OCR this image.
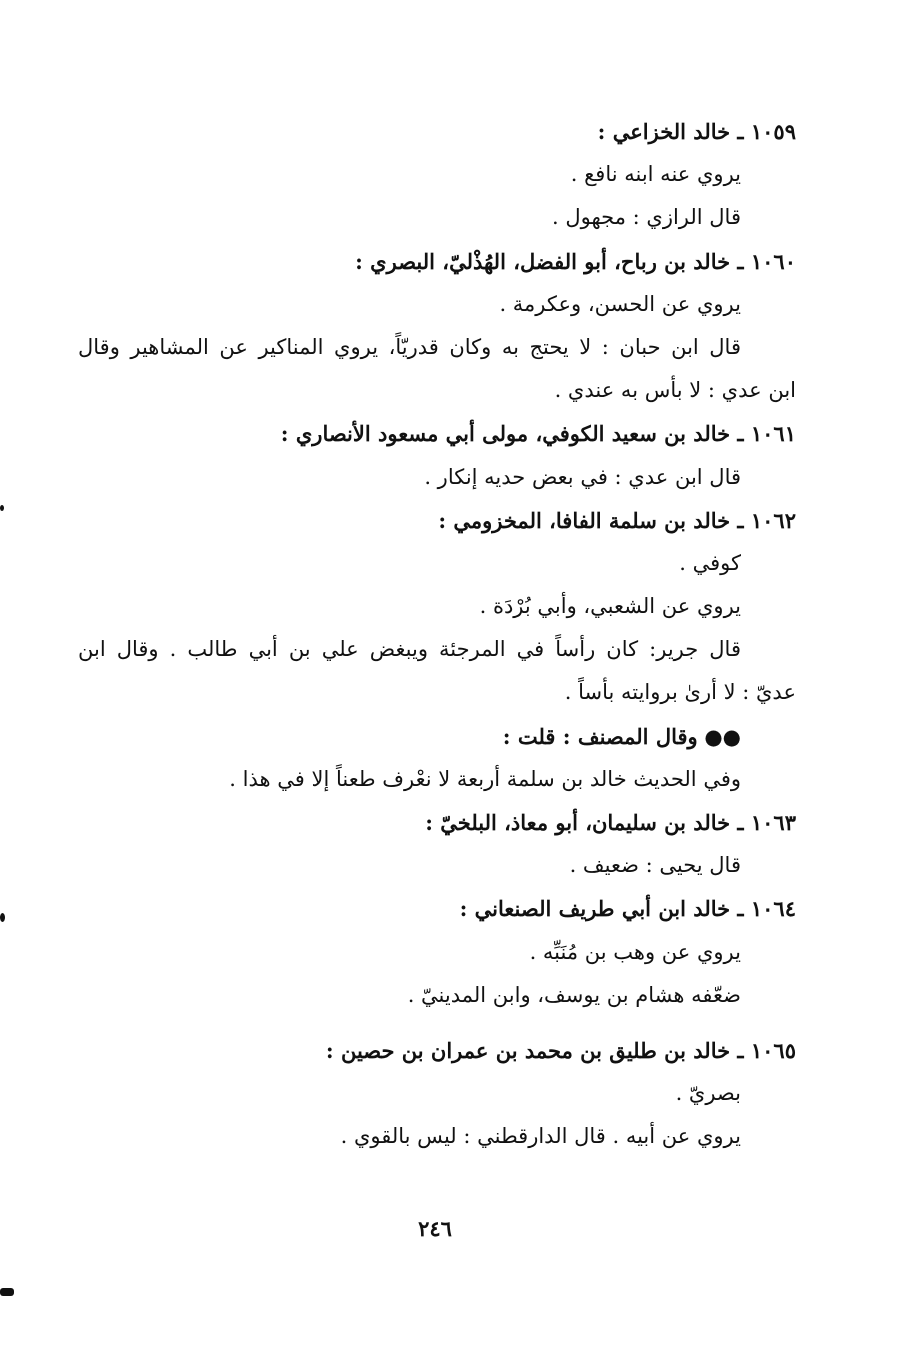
١٠٥٩ ـ خالد الخزاعي :
يروي عنه ابنه نافع .
قال الرازي : مجهول .
١٠٦٠ ـ خالد بن رباح، أبو الفضل، الهُذْليّ، البصري :
يروي عن الحسن، وعكرمة .
قال ابن حبان : لا يحتج به وكان قدريّاً، يروي المناكير عن المشاهير وقال
ابن عدي : لا بأس به عندي .
١٠٦١ ـ خالد بن سعيد الكوفي، مولى أبي مسعود الأنصاري :
قال ابن عدي : في بعض حديه إنكار .
١٠٦٢ ـ خالد بن سلمة الفافا، المخزومي :
كوفي .
يروي عن الشعبي، وأبي بُرْدَة .
قال جرير: كان رأساً في المرجئة ويبغض علي بن أبي طالب . وقال ابن
عديّ : لا أرىٰ بروايته بأساً .
●● وقال المصنف : قلت :
وفي الحديث خالد بن سلمة أربعة لا نعْرف طعناً إلا في هذا .
١٠٦٣ ـ خالد بن سليمان، أبو معاذ، البلخيّ :
قال يحيى : ضعيف .
١٠٦٤ ـ خالد ابن أبي طريف الصنعاني :
يروي عن وهب بن مُنَبِّه .
ضعّفه هشام بن يوسف، وابن المدينيّ .
١٠٦٥ ـ خالد بن طليق بن محمد بن عمران بن حصين :
بصريّ .
يروي عن أبيه . قال الدارقطني : ليس بالقوي .
٢٤٦
